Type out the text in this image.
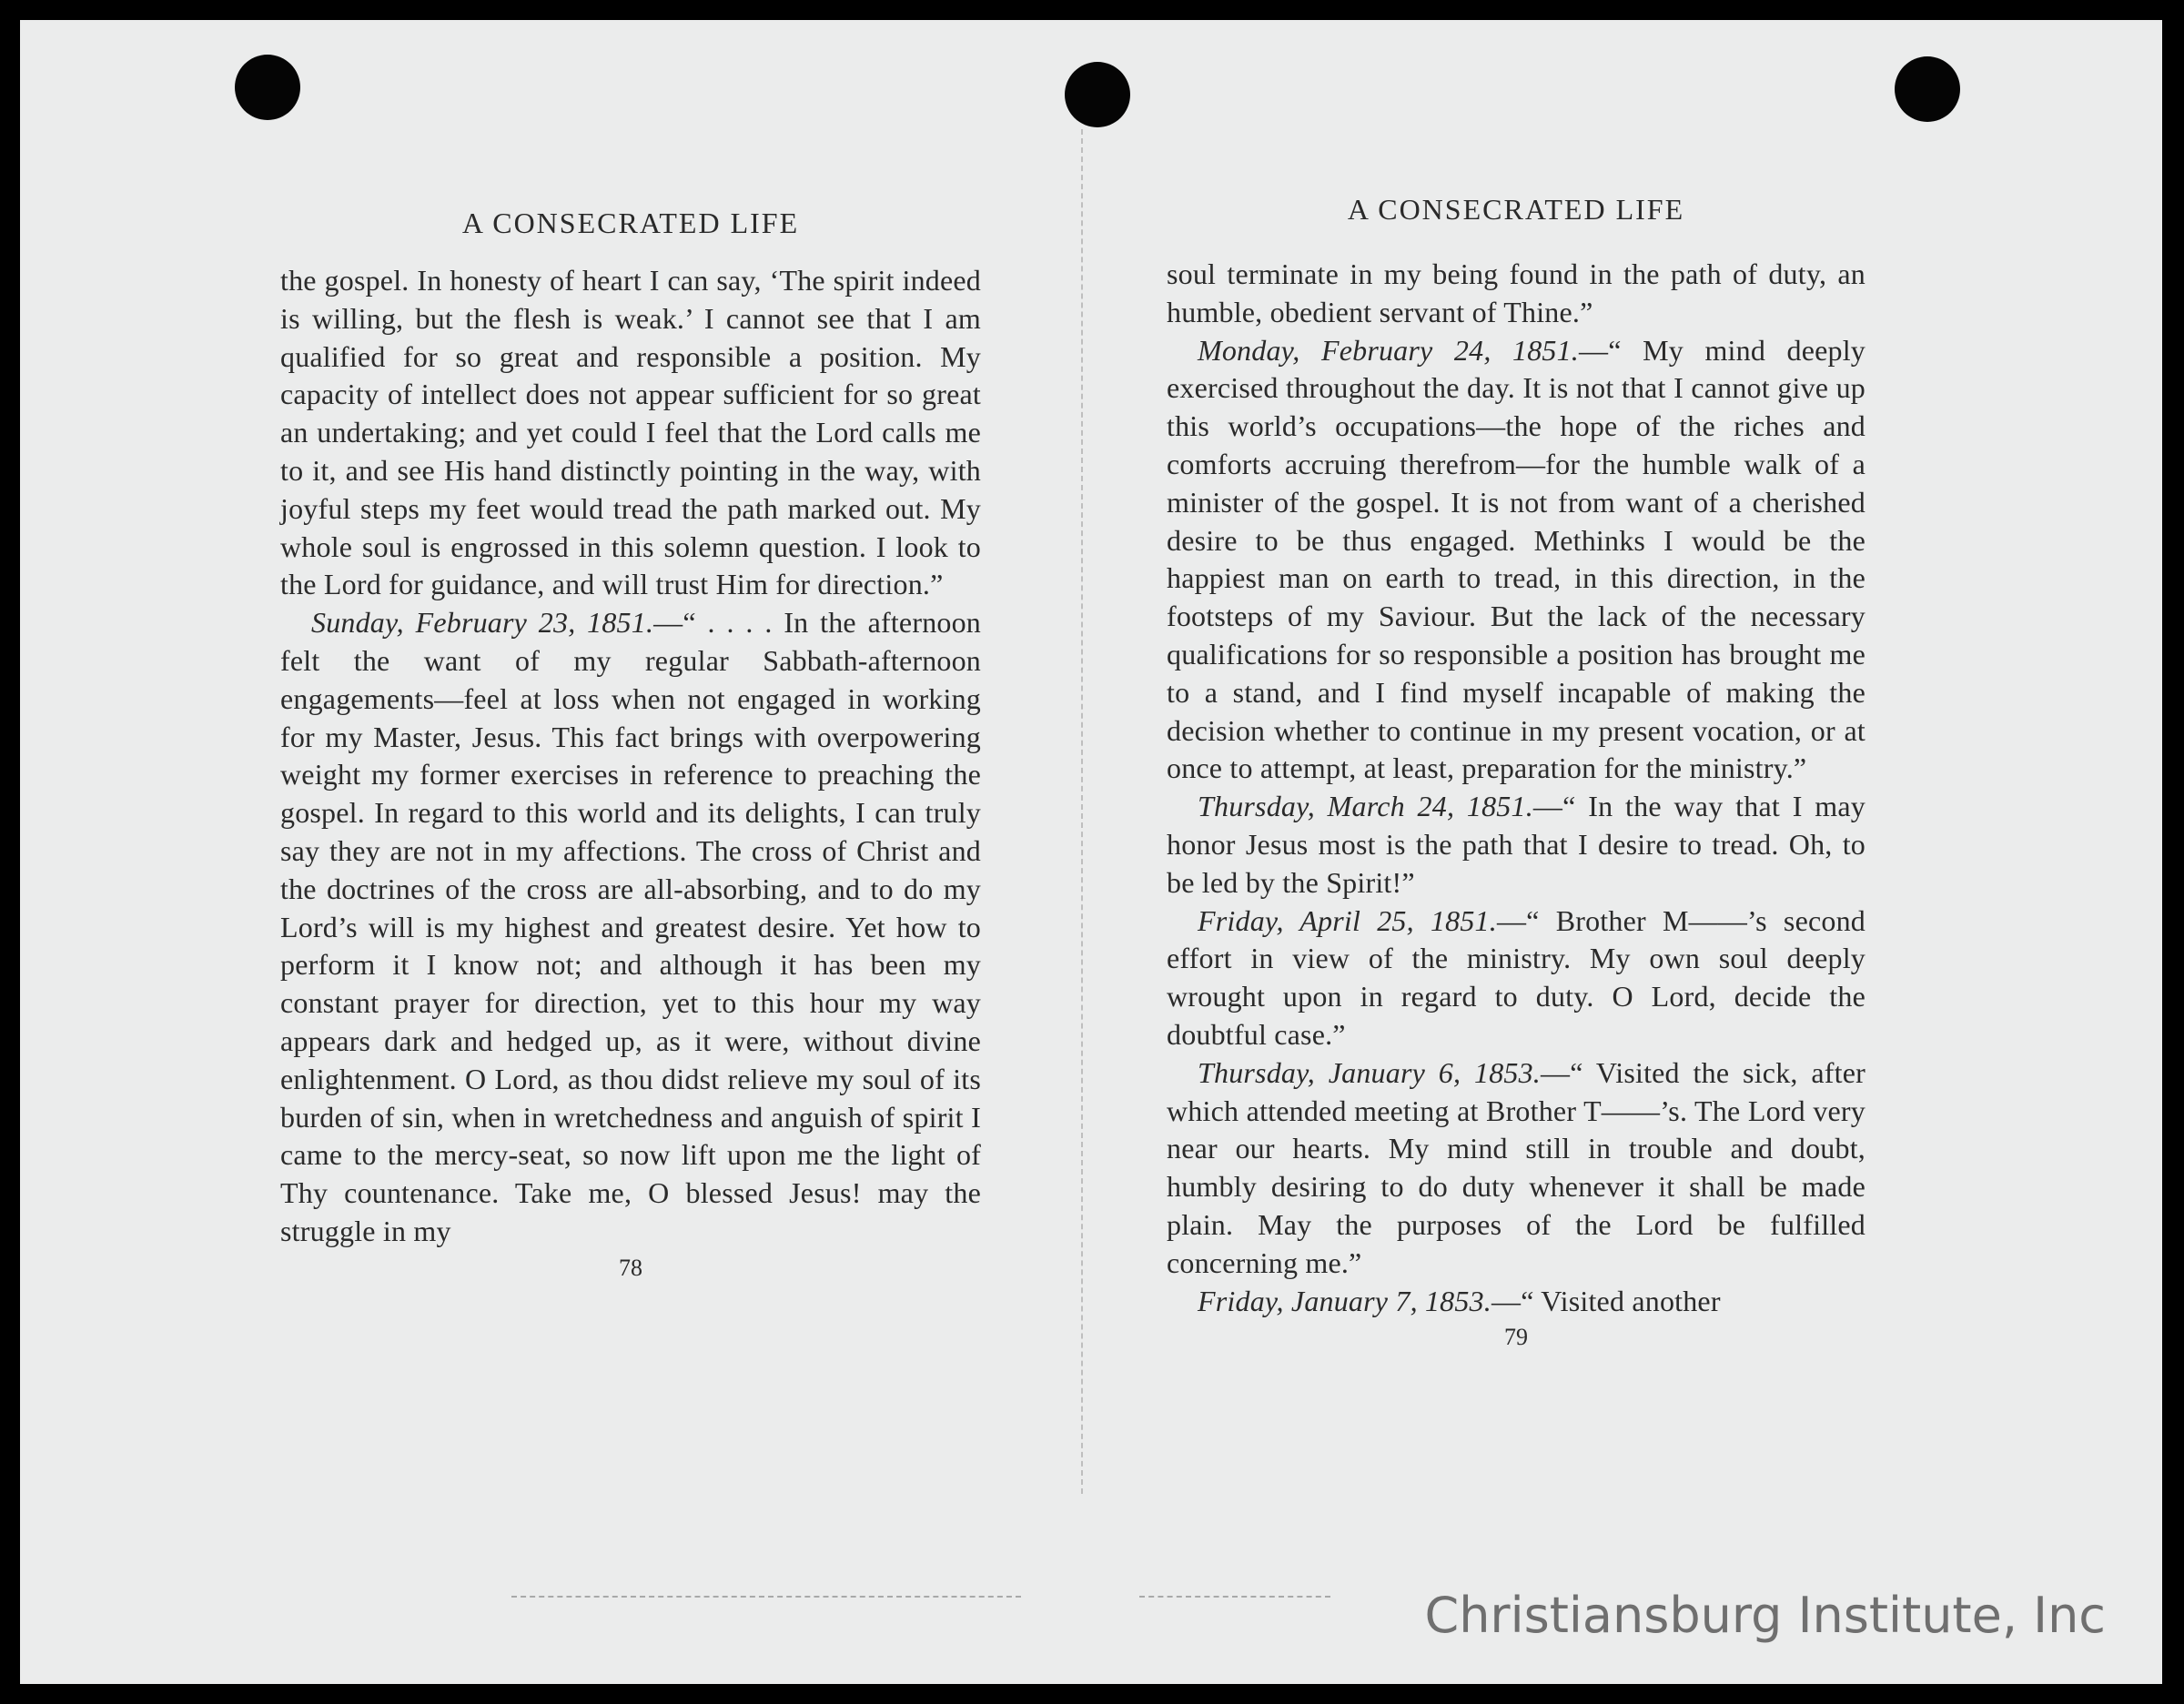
A CONSECRATED LIFE

the gospel. In honesty of heart I can say, ‘The spirit indeed is willing, but the flesh is weak.’ I cannot see that I am qualified for so great and responsible a position. My capacity of intellect does not appear sufficient for so great an undertaking; and yet could I feel that the Lord calls me to it, and see His hand distinctly pointing in the way, with joyful steps my feet would tread the path marked out. My whole soul is engrossed in this solemn question. I look to the Lord for guidance, and will trust Him for direction.”

Sunday, February 23, 1851.—“ . . . . In the afternoon felt the want of my regular Sabbath-afternoon engagements—feel at loss when not engaged in working for my Master, Jesus. This fact brings with overpowering weight my former exercises in reference to preaching the gospel. In regard to this world and its delights, I can truly say they are not in my affections. The cross of Christ and the doctrines of the cross are all-absorbing, and to do my Lord’s will is my highest and greatest desire. Yet how to perform it I know not; and although it has been my constant prayer for direction, yet to this hour my way appears dark and hedged up, as it were, without divine enlightenment. O Lord, as thou didst relieve my soul of its burden of sin, when in wretchedness and anguish of spirit I came to the mercy-seat, so now lift upon me the light of Thy countenance. Take me, O blessed Jesus! may the struggle in my

78
A CONSECRATED LIFE

soul terminate in my being found in the path of duty, an humble, obedient servant of Thine.”

Monday, February 24, 1851.—“ My mind deeply exercised throughout the day. It is not that I cannot give up this world’s occupations—the hope of the riches and comforts accruing therefrom—for the humble walk of a minister of the gospel. It is not from want of a cherished desire to be thus engaged. Methinks I would be the happiest man on earth to tread, in this direction, in the footsteps of my Saviour. But the lack of the necessary qualifications for so responsible a position has brought me to a stand, and I find myself incapable of making the decision whether to continue in my present vocation, or at once to attempt, at least, preparation for the ministry.”

Thursday, March 24, 1851.—“ In the way that I may honor Jesus most is the path that I desire to tread. Oh, to be led by the Spirit!”

Friday, April 25, 1851.—“ Brother M——’s second effort in view of the ministry. My own soul deeply wrought upon in regard to duty. O Lord, decide the doubtful case.”

Thursday, January 6, 1853.—“ Visited the sick, after which attended meeting at Brother T——’s. The Lord very near our hearts. My mind still in trouble and doubt, humbly desiring to do duty whenever it shall be made plain. May the purposes of the Lord be fulfilled concerning me.”

Friday, January 7, 1853.—“ Visited another

79
Christiansburg Institute, Inc
